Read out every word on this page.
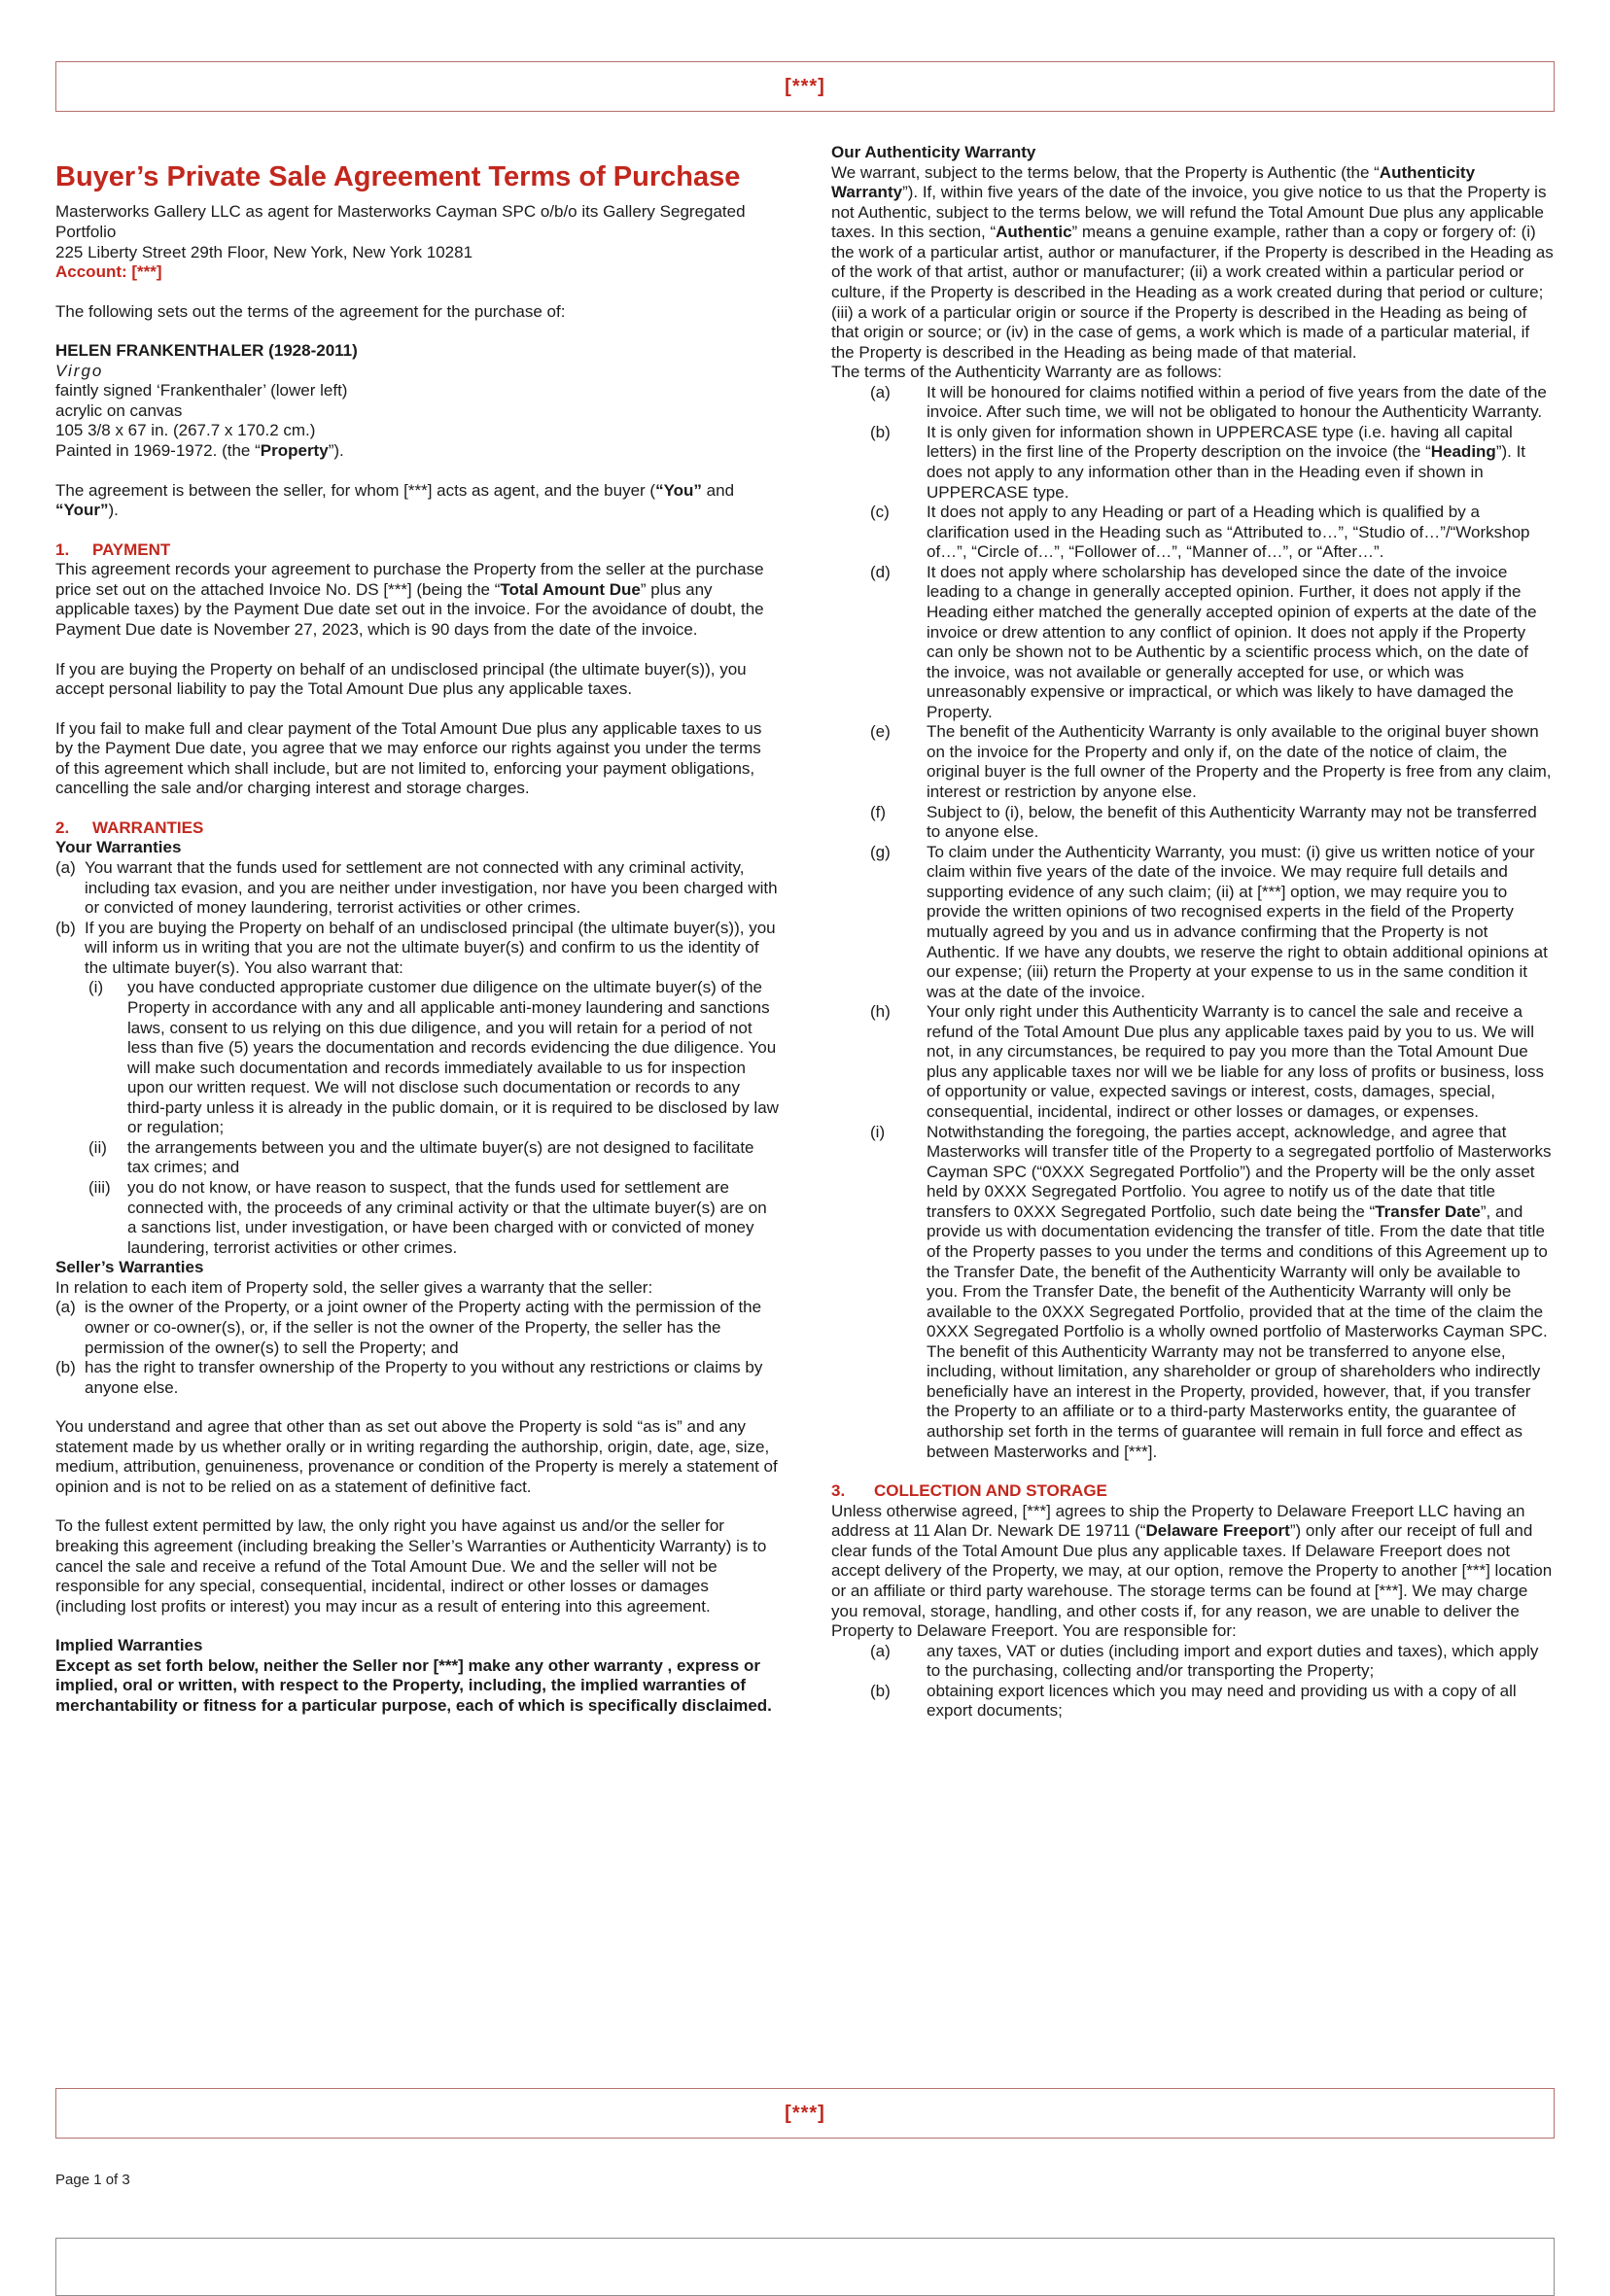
[***]
Buyer’s Private Sale Agreement Terms of Purchase
Masterworks Gallery LLC as agent for Masterworks Cayman SPC o/b/o its Gallery Segregated Portfolio
225 Liberty Street 29th Floor, New York, New York 10281
Account: [***]
The following sets out the terms of the agreement for the purchase of:
HELEN FRANKENTHALER (1928-2011)
Virgo
faintly signed ‘Frankenthaler’ (lower left)
acrylic on canvas
105 3/8 x 67 in. (267.7 x 170.2 cm.)
Painted in 1969-1972. (the “Property”).
The agreement is between the seller, for whom [***] acts as agent, and the buyer (“You” and “Your”).
1.	PAYMENT
This agreement records your agreement to purchase the Property from the seller at the purchase price set out on the attached Invoice No. DS [***] (being the “Total Amount Due” plus any applicable taxes) by the Payment Due date set out in the invoice. For the avoidance of doubt, the Payment Due date is November 27, 2023, which is 90 days from the date of the invoice.
If you are buying the Property on behalf of an undisclosed principal (the ultimate buyer(s)), you accept personal liability to pay the Total Amount Due plus any applicable taxes.
If you fail to make full and clear payment of the Total Amount Due plus any applicable taxes to us by the Payment Due date, you agree that we may enforce our rights against you under the terms of this agreement which shall include, but are not limited to, enforcing your payment obligations, cancelling the sale and/or charging interest and storage charges.
2.	WARRANTIES
Your Warranties
(a) You warrant that the funds used for settlement are not connected with any criminal activity, including tax evasion, and you are neither under investigation, nor have you been charged with or convicted of money laundering, terrorist activities or other crimes.
(b) If you are buying the Property on behalf of an undisclosed principal (the ultimate buyer(s)), you will inform us in writing that you are not the ultimate buyer(s) and confirm to us the identity of the ultimate buyer(s). You also warrant that:
(i)	you have conducted appropriate customer due diligence on the ultimate buyer(s) of the Property in accordance with any and all applicable anti-money laundering and sanctions laws, consent to us relying on this due diligence, and you will retain for a period of not less than five (5) years the documentation and records evidencing the due diligence. You will make such documentation and records immediately available to us for inspection upon our written request. We will not disclose such documentation or records to any third-party unless it is already in the public domain, or it is required to be disclosed by law or regulation;
(ii)	the arrangements between you and the ultimate buyer(s) are not designed to facilitate tax crimes; and
(iii)	you do not know, or have reason to suspect, that the funds used for settlement are connected with, the proceeds of any criminal activity or that the ultimate buyer(s) are on a sanctions list, under investigation, or have been charged with or convicted of money laundering, terrorist activities or other crimes.
Seller’s Warranties
In relation to each item of Property sold, the seller gives a warranty that the seller:
(a) is the owner of the Property, or a joint owner of the Property acting with the permission of the owner or co-owner(s), or, if the seller is not the owner of the Property, the seller has the permission of the owner(s) to sell the Property; and
(b) has the right to transfer ownership of the Property to you without any restrictions or claims by anyone else.
You understand and agree that other than as set out above the Property is sold “as is” and any statement made by us whether orally or in writing regarding the authorship, origin, date, age, size, medium, attribution, genuineness, provenance or condition of the Property is merely a statement of opinion and is not to be relied on as a statement of definitive fact.
To the fullest extent permitted by law, the only right you have against us and/or the seller for breaking this agreement (including breaking the Seller’s Warranties or Authenticity Warranty) is to cancel the sale and receive a refund of the Total Amount Due. We and the seller will not be responsible for any special, consequential, incidental, indirect or other losses or damages (including lost profits or interest) you may incur as a result of entering into this agreement.
Implied Warranties
Except as set forth below, neither the Seller nor [***] make any other warranty , express or implied, oral or written, with respect to the Property, including, the implied warranties of merchantability or fitness for a particular purpose, each of which is specifically disclaimed.
Our Authenticity Warranty
We warrant, subject to the terms below, that the Property is Authentic (the “Authenticity Warranty”). If, within five years of the date of the invoice, you give notice to us that the Property is not Authentic, subject to the terms below, we will refund the Total Amount Due plus any applicable taxes. In this section, “Authentic” means a genuine example, rather than a copy or forgery of: (i) the work of a particular artist, author or manufacturer, if the Property is described in the Heading as of the work of that artist, author or manufacturer; (ii) a work created within a particular period or culture, if the Property is described in the Heading as a work created during that period or culture; (iii) a work of a particular origin or source if the Property is described in the Heading as being of that origin or source; or (iv) in the case of gems, a work which is made of a particular material, if the Property is described in the Heading as being made of that material.
The terms of the Authenticity Warranty are as follows:
(a)	It will be honoured for claims notified within a period of five years from the date of the invoice. After such time, we will not be obligated to honour the Authenticity Warranty.
(b)	It is only given for information shown in UPPERCASE type (i.e. having all capital letters) in the first line of the Property description on the invoice (the “Heading”). It does not apply to any information other than in the Heading even if shown in UPPERCASE type.
(c)	It does not apply to any Heading or part of a Heading which is qualified by a clarification used in the Heading such as “Attributed to…”, “Studio of…”/“Workshop of…”, “Circle of…”, “Follower of…”, “Manner of…”, or “After…”.
(d)	It does not apply where scholarship has developed since the date of the invoice leading to a change in generally accepted opinion. Further, it does not apply if the Heading either matched the generally accepted opinion of experts at the date of the invoice or drew attention to any conflict of opinion. It does not apply if the Property can only be shown not to be Authentic by a scientific process which, on the date of the invoice, was not available or generally accepted for use, or which was unreasonably expensive or impractical, or which was likely to have damaged the Property.
(e)	The benefit of the Authenticity Warranty is only available to the original buyer shown on the invoice for the Property and only if, on the date of the notice of claim, the original buyer is the full owner of the Property and the Property is free from any claim, interest or restriction by anyone else.
(f)	Subject to (i), below, the benefit of this Authenticity Warranty may not be transferred to anyone else.
(g)	To claim under the Authenticity Warranty, you must: (i) give us written notice of your claim within five years of the date of the invoice. We may require full details and supporting evidence of any such claim; (ii) at [***] option, we may require you to provide the written opinions of two recognised experts in the field of the Property mutually agreed by you and us in advance confirming that the Property is not Authentic. If we have any doubts, we reserve the right to obtain additional opinions at our expense; (iii) return the Property at your expense to us in the same condition it was at the date of the invoice.
(h)	Your only right under this Authenticity Warranty is to cancel the sale and receive a refund of the Total Amount Due plus any applicable taxes paid by you to us. We will not, in any circumstances, be required to pay you more than the Total Amount Due plus any applicable taxes nor will we be liable for any loss of profits or business, loss of opportunity or value, expected savings or interest, costs, damages, special, consequential, incidental, indirect or other losses or damages, or expenses.
(i)	Notwithstanding the foregoing, the parties accept, acknowledge, and agree that Masterworks will transfer title of the Property to a segregated portfolio of Masterworks Cayman SPC (“0XXX Segregated Portfolio”) and the Property will be the only asset held by 0XXX Segregated Portfolio. You agree to notify us of the date that title transfers to 0XXX Segregated Portfolio, such date being the “Transfer Date”, and provide us with documentation evidencing the transfer of title. From the date that title of the Property passes to you under the terms and conditions of this Agreement up to the Transfer Date, the benefit of the Authenticity Warranty will only be available to you. From the Transfer Date, the benefit of the Authenticity Warranty will only be available to the 0XXX Segregated Portfolio, provided that at the time of the claim the 0XXX Segregated Portfolio is a wholly owned portfolio of Masterworks Cayman SPC. The benefit of this Authenticity Warranty may not be transferred to anyone else, including, without limitation, any shareholder or group of shareholders who indirectly beneficially have an interest in the Property, provided, however, that, if you transfer the Property to an affiliate or to a third-party Masterworks entity, the guarantee of authorship set forth in the terms of guarantee will remain in full force and effect as between Masterworks and [***].
3.	COLLECTION AND STORAGE
Unless otherwise agreed, [***] agrees to ship the Property to Delaware Freeport LLC having an address at 11 Alan Dr. Newark DE 19711 (“Delaware Freeport”) only after our receipt of full and clear funds of the Total Amount Due plus any applicable taxes. If Delaware Freeport does not accept delivery of the Property, we may, at our option, remove the Property to another [***] location or an affiliate or third party warehouse. The storage terms can be found at [***]. We may charge you removal, storage, handling, and other costs if, for any reason, we are unable to deliver the Property to Delaware Freeport. You are responsible for:
(a)	any taxes, VAT or duties (including import and export duties and taxes), which apply to the purchasing, collecting and/or transporting the Property;
(b)	obtaining export licences which you may need and providing us with a copy of all export documents;
[***]
Page 1 of 3
